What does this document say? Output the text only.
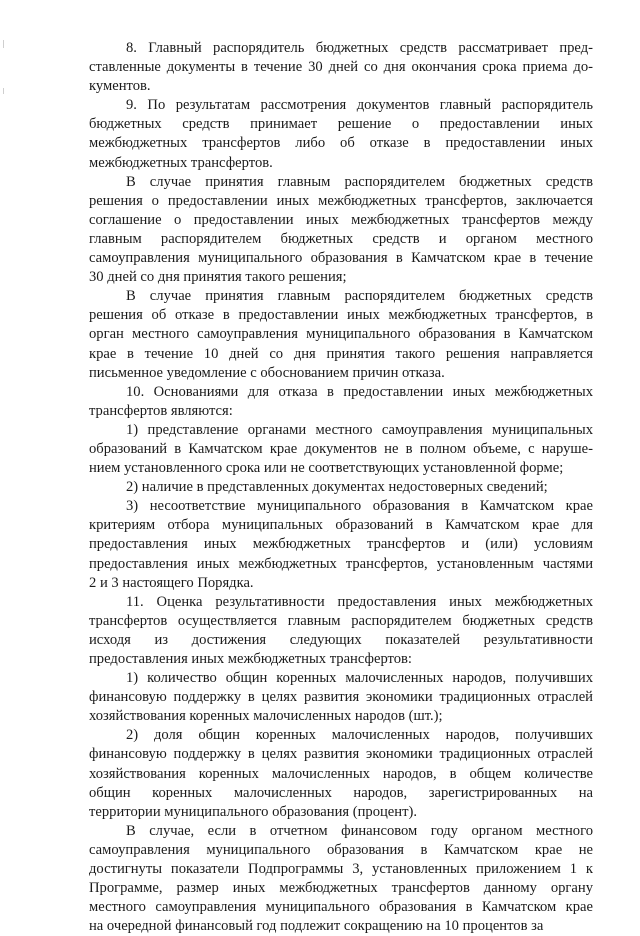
8. Главный распорядитель бюджетных средств рассматривает пред-
ставленные документы в течение 30 дней со дня окончания срока приема до-
кументов.
9. По результатам рассмотрения документов главный распорядитель
бюджетных средств принимает решение о предоставлении иных
межбюджетных трансфертов либо об отказе в предоставлении иных
межбюджетных трансфертов.
В случае принятия главным распорядителем бюджетных средств
решения о предоставлении иных межбюджетных трансфертов, заключается
соглашение о предоставлении иных межбюджетных трансфертов между
главным распорядителем бюджетных средств и органом местного
самоуправления муниципального образования в Камчатском крае в течение
30 дней со дня принятия такого решения;
В случае принятия главным распорядителем бюджетных средств
решения об отказе в предоставлении иных межбюджетных трансфертов, в
орган местного самоуправления муниципального образования в Камчатском
крае в течение 10 дней со дня принятия такого решения направляется
письменное уведомление с обоснованием причин отказа.
10. Основаниями для отказа в предоставлении иных межбюджетных
трансфертов являются:
1) представление органами местного самоуправления муниципальных
образований в Камчатском крае документов не в полном объеме, с наруше-
нием установленного срока или не соответствующих установленной форме;
2) наличие в представленных документах недостоверных сведений;
3) несоответствие муниципального образования в Камчатском крае
критериям отбора муниципальных образований в Камчатском крае для
предоставления иных межбюджетных трансфертов и (или) условиям
предоставления иных межбюджетных трансфертов, установленным частями
2 и 3 настоящего Порядка.
11. Оценка результативности предоставления иных межбюджетных
трансфертов осуществляется главным распорядителем бюджетных средств
исходя из достижения следующих показателей результативности
предоставления иных межбюджетных трансфертов:
1) количество общин коренных малочисленных народов, получивших
финансовую поддержку в целях развития экономики традиционных отраслей
хозяйствования коренных малочисленных народов (шт.);
2) доля общин коренных малочисленных народов, получивших
финансовую поддержку в целях развития экономики традиционных отраслей
хозяйствования коренных малочисленных народов, в общем количестве
общин коренных малочисленных народов, зарегистрированных на
территории муниципального образования (процент).
В случае, если в отчетном финансовом году органом местного
самоуправления муниципального образования в Камчатском крае не
достигнуты показатели Подпрограммы 3, установленных приложением 1 к
Программе, размер иных межбюджетных трансфертов данному органу
местного самоуправления муниципального образования в Камчатском крае
на очередной финансовый год подлежит сокращению на 10 процентов за
